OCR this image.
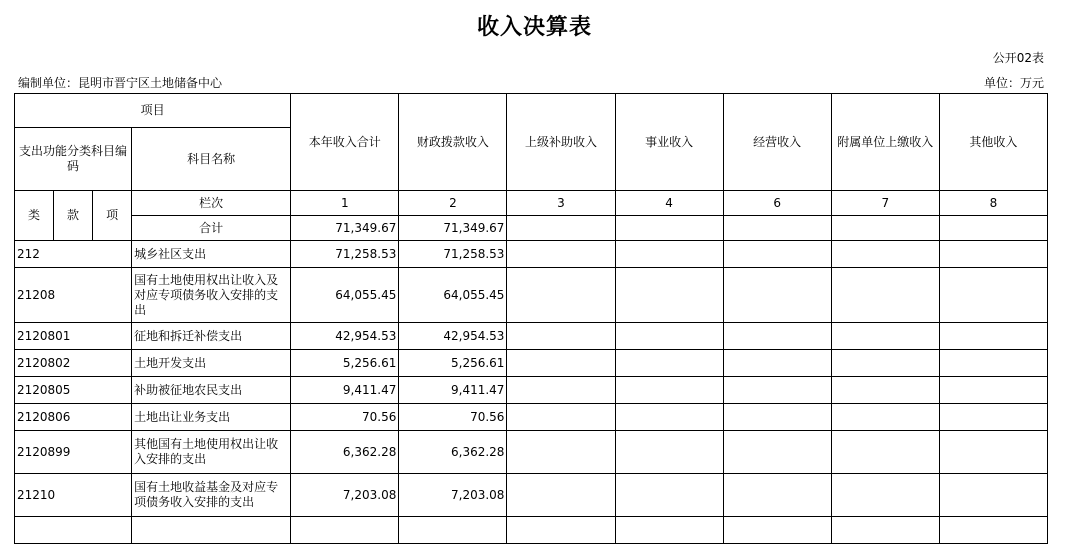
收入决算表
公开02表
编制单位：昆明市晋宁区土地储备中心	单位：万元
项目				本年收入合计	财政拨款收入	上级补助收入	事业收入	经营收入	附属单位上缴收入	其他收入
支出功能分类科目编码			科目名称							
类	款	项	栏次	1	2	3	4	6	7	8
			合计	71,349.67	71,349.67					
212			城乡社区支出	71,258.53	71,258.53					
21208			国有土地使用权出让收入及对应专项债务收入安排的支出	64,055.45	64,055.45					
2120801			征地和拆迁补偿支出	42,954.53	42,954.53					
2120802			土地开发支出	5,256.61	5,256.61					
2120805			补助被征地农民支出	9,411.47	9,411.47					
2120806			土地出让业务支出	70.56	70.56					
2120899			其他国有土地使用权出让收入安排的支出	6,362.28	6,362.28					
21210			国有土地收益基金及对应专项债务收入安排的支出	7,203.08	7,203.08					
